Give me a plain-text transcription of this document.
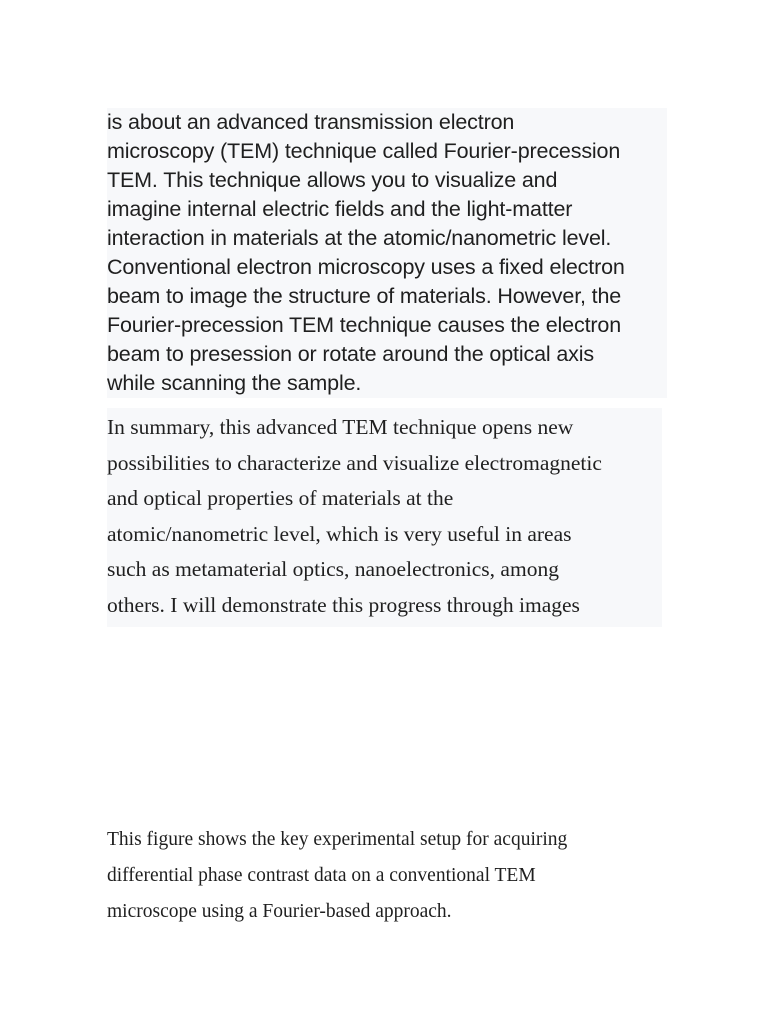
is about an advanced transmission electron
microscopy (TEM) technique called Fourier-precession
TEM. This technique allows you to visualize and
imagine internal electric fields and the light-matter
interaction in materials at the atomic/nanometric level.
Conventional electron microscopy uses a fixed electron
beam to image the structure of materials. However, the
Fourier-precession TEM technique causes the electron
beam to presession or rotate around the optical axis
while scanning the sample.
In summary, this advanced TEM technique opens new
possibilities to characterize and visualize electromagnetic
and optical properties of materials at the
atomic/nanometric level, which is very useful in areas
such as metamaterial optics, nanoelectronics, among
others. I will demonstrate this progress through images
This figure shows the key experimental setup for acquiring
differential phase contrast data on a conventional TEM
microscope using a Fourier-based approach.
